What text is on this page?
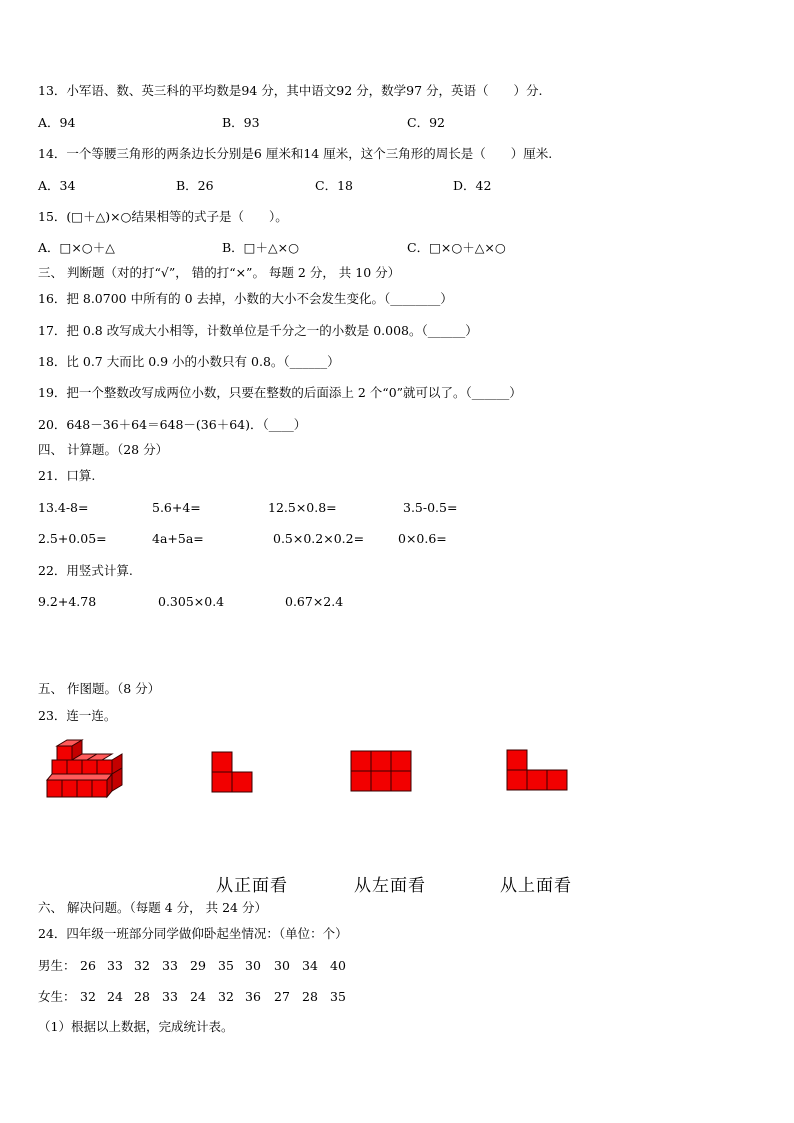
13．小军语、数、英三科的平均数是94 分，其中语文92 分，数学97 分，英语（　　）分.
A．94	B．93	C．92
14．一个等腰三角形的两条边长分别是6 厘米和14 厘米，这个三角形的周长是（　　）厘米.
A．34	B．26	C．18	D．42
15．(□＋△)×○结果相等的式子是（　　）。
A．□×○＋△	B．□＋△×○	C．□×○＋△×○
三、 判断题（对的打“√”， 错的打“×”。 每题 2 分， 共 10 分）
16．把 8.0700 中所有的 0 去掉，小数的大小不会发生变化。（________）
17．把 0.8 改写成大小相等，计数单位是千分之一的小数是 0.008。（______）
18．比 0.7 大而比 0.9 小的小数只有 0.8。（______）
19．把一个整数改写成两位小数，只要在整数的后面添上 2 个“0”就可以了。（______）
20．648－36＋64＝648－(36＋64)．（____）
四、 计算题。（28 分）
21．口算.
13.4-8=	5.6+4=	12.5×0.8=	3.5-0.5=
2.5+0.05=	4a+5a=	0.5×0.2×0.2=	0×0.6=
22．用竖式计算.
9.2+4.78	0.305×0.4	0.67×2.4
五、 作图题。（8 分）
23．连一连。
从正面看	从左面看	从上面看
六、 解决问题。（每题 4 分， 共 24 分）
24．四年级一班部分同学做仰卧起坐情况：（单位：个）
男生： 26 33 32 33 29 35 30 30 34 40
女生： 32 24 28 33 24 32 36 27 28 35
（1）根据以上数据，完成统计表。
